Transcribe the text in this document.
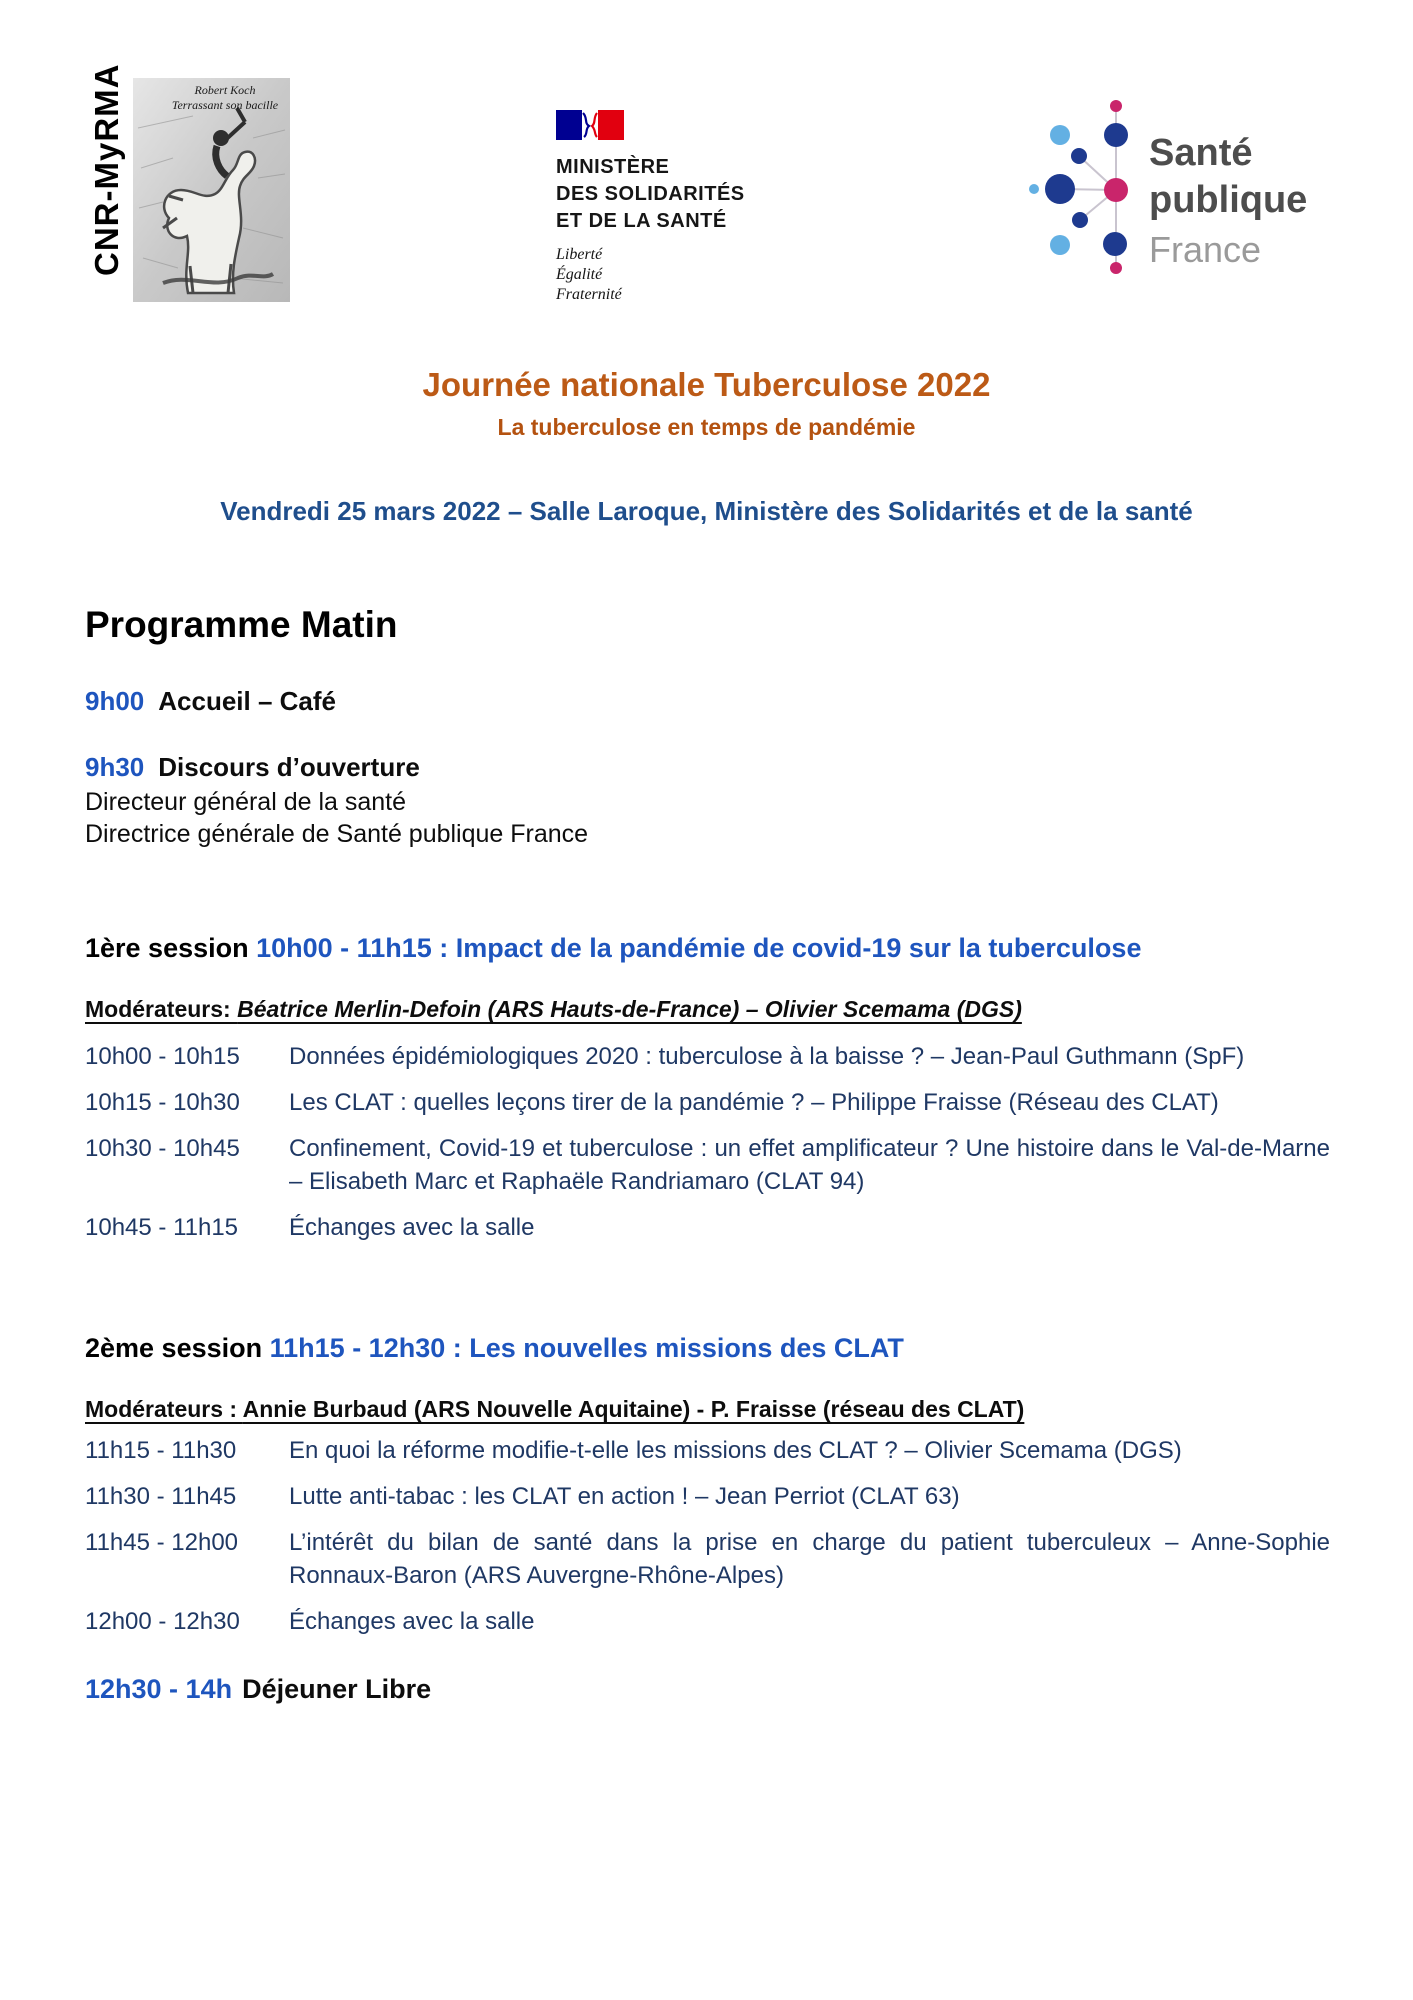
CNR-MyRMA	Robert Koch
Terrassant son bacille
MINISTÈRE
DES SOLIDARITÉS
ET DE LA SANTÉ
Liberté
Égalité
Fraternité
Santé
publique
France
Journée nationale Tuberculose 2022
La tuberculose en temps de pandémie
Vendredi 25 mars 2022 – Salle Laroque, Ministère des Solidarités et de la santé
Programme Matin
9h00 Accueil – Café
9h30 Discours d’ouverture
Directeur général de la santé
Directrice générale de Santé publique France
1ère session 10h00 - 11h15 : Impact de la pandémie de covid-19 sur la tuberculose
Modérateurs: Béatrice Merlin-Defoin (ARS Hauts-de-France) – Olivier Scemama (DGS)
10h00 - 10h15	Données épidémiologiques 2020 : tuberculose à la baisse ? – Jean-Paul Guthmann (SpF)
10h15 - 10h30	Les CLAT : quelles leçons tirer de la pandémie ? – Philippe Fraisse (Réseau des CLAT)
10h30 - 10h45	Confinement, Covid-19 et tuberculose : un effet amplificateur ? Une histoire dans le Val-de-Marne – Elisabeth Marc et Raphaële Randriamaro (CLAT 94)
10h45 - 11h15	Échanges avec la salle
2ème session 11h15 - 12h30 : Les nouvelles missions des CLAT
Modérateurs : Annie Burbaud (ARS Nouvelle Aquitaine) - P. Fraisse (réseau des CLAT)
11h15 - 11h30	En quoi la réforme modifie-t-elle les missions des CLAT ? – Olivier Scemama (DGS)
11h30 - 11h45	Lutte anti-tabac : les CLAT en action ! – Jean Perriot (CLAT 63)
11h45 - 12h00	L’intérêt du bilan de santé dans la prise en charge du patient tuberculeux – Anne-Sophie Ronnaux-Baron (ARS Auvergne-Rhône-Alpes)
12h00 - 12h30	Échanges avec la salle
12h30 - 14h Déjeuner Libre
